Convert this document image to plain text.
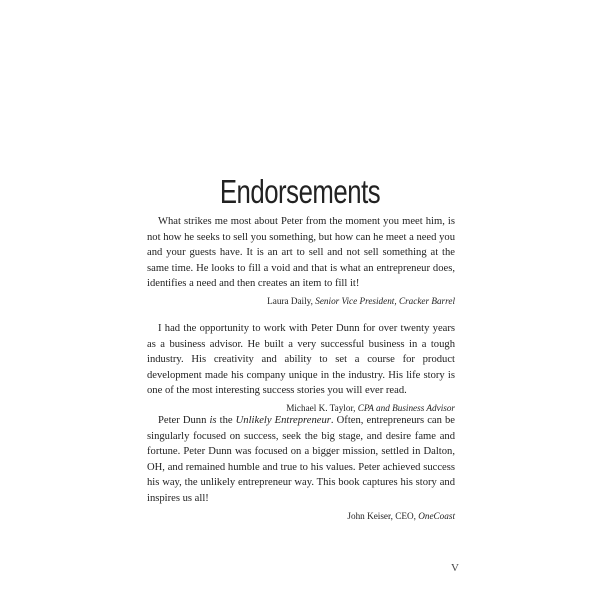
Endorsements

What strikes me most about Peter from the moment you meet him, is not how he seeks to sell you something, but how can he meet a need you and your guests have. It is an art to sell and not sell something at the same time. He looks to fill a void and that is what an entrepreneur does, identifies a need and then creates an item to fill it!

Laura Daily, Senior Vice President, Cracker Barrel

I had the opportunity to work with Peter Dunn for over twenty years as a business advisor. He built a very successful business in a tough industry. His creativity and ability to set a course for product development made his company unique in the industry. His life story is one of the most interesting success stories you will ever read.

Michael K. Taylor, CPA and Business Advisor

Peter Dunn is the Unlikely Entrepreneur. Often, entrepreneurs can be singularly focused on success, seek the big stage, and desire fame and fortune. Peter Dunn was focused on a bigger mission, settled in Dalton, OH, and remained humble and true to his values. Peter achieved success his way, the unlikely entrepreneur way. This book captures his story and inspires us all!

John Keiser, CEO, OneCoast
V
